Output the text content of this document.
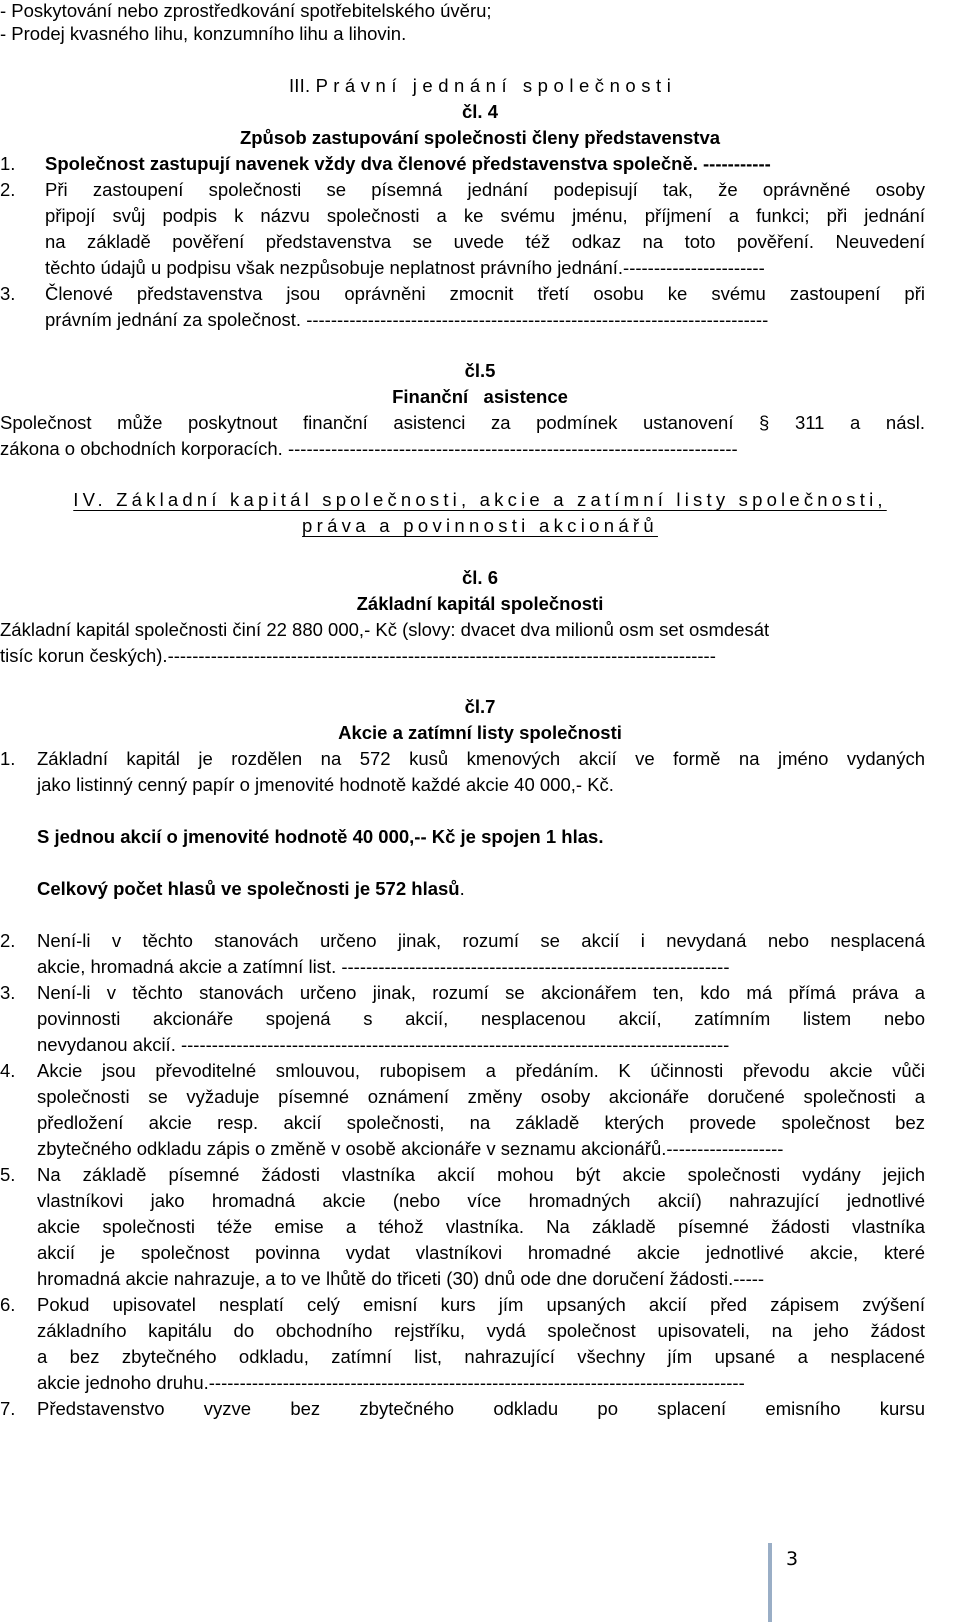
- Poskytování nebo zprostředkování spotřebitelského úvěru;
- Prodej kvasného lihu, konzumního lihu a lihovin.
III. P r á v n í   j e d n á n í   s p o l e č n o s t i
čl. 4
Způsob zastupování společnosti členy představenstva
1. Společnost zastupují navenek vždy dva členové představenstva společně. -----------
2. Při zastoupení společnosti se písemná jednání podepisují tak, že oprávněné osoby
připojí svůj podpis k názvu společnosti a ke svému jménu, příjmení a funkci; při jednání
na základě pověření představenstva se uvede též odkaz na toto pověření. Neuvedení
těchto údajů u podpisu však nezpůsobuje neplatnost právního jednání.-----------------------
3. Členové představenstva jsou oprávněni zmocnit třetí osobu ke svému zastoupení při
právním jednání za společnost. ---------------------------------------------------------------------------
čl.5
Finanční   asistence
Společnost může poskytnout finanční asistenci za podmínek ustanovení § 311 a násl.
zákona o obchodních korporacích. -------------------------------------------------------------------------
IV. Základní kapitál společnosti, akcie a zatímní listy společnosti,
práva a povinnosti akcionářů
čl. 6
Základní kapitál společnosti
Základní kapitál společnosti činí 22 880 000,- Kč (slovy: dvacet dva milionů osm set osmdesát
tisíc korun českých).-----------------------------------------------------------------------------------------
čl.7
Akcie a zatímní listy společnosti
1. Základní kapitál je rozdělen na 572 kusů kmenových akcií ve formě na jméno vydaných
jako listinný cenný papír o jmenovité hodnotě každé akcie 40 000,- Kč.
S jednou akcií o jmenovité hodnotě 40 000,-- Kč je spojen 1 hlas.
Celkový počet hlasů ve společnosti je 572 hlasů.
2. Není-li v těchto stanovách určeno jinak, rozumí se akcií i nevydaná nebo nesplacená
akcie, hromadná akcie a zatímní list. ---------------------------------------------------------------
3. Není-li v těchto stanovách určeno jinak, rozumí se akcionářem ten, kdo má přímá práva a
povinnosti akcionáře spojená s akcií, nesplacenou akcií, zatímním listem nebo
nevydanou akcií. -----------------------------------------------------------------------------------------
4. Akcie jsou převoditelné smlouvou, rubopisem a předáním. K účinnosti převodu akcie vůči
společnosti se vyžaduje písemné oznámení změny osoby akcionáře doručené společnosti a
předložení akcie resp. akcií společnosti, na základě kterých provede společnost bez
zbytečného odkladu zápis o změně v osobě akcionáře v seznamu akcionářů.-------------------
5. Na základě písemné žádosti vlastníka akcií mohou být akcie společnosti vydány jejich
vlastníkovi jako hromadná akcie (nebo více hromadných akcií) nahrazující jednotlivé
akcie společnosti téže emise a téhož vlastníka. Na základě písemné žádosti vlastníka
akcií je společnost povinna vydat vlastníkovi hromadné akcie jednotlivé akcie, které
hromadná akcie nahrazuje, a to ve lhůtě do třiceti (30) dnů ode dne doručení žádosti.-----
6. Pokud upisovatel nesplatí celý emisní kurs jím upsaných akcií před zápisem zvýšení
základního kapitálu do obchodního rejstříku, vydá společnost upisovateli, na jeho žádost
a bez zbytečného odkladu, zatímní list, nahrazující všechny jím upsané a nesplacené
akcie jednoho druhu.---------------------------------------------------------------------------------------
7. Představenstvo vyzve bez zbytečného odkladu po splacení emisního kursu
3
